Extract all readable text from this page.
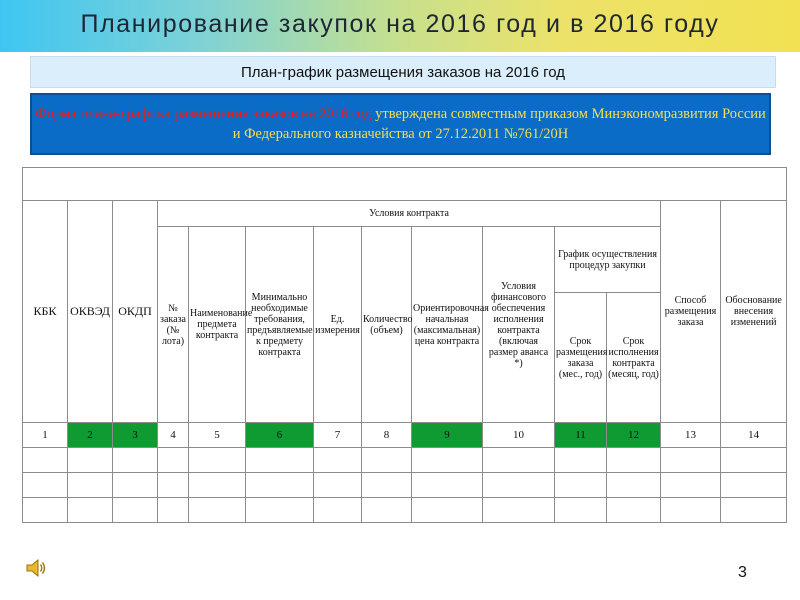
Планирование закупок на 2016 год и в 2016 году
План-график размещения заказов на 2016 год
Форма плана-графика размещения заказов на 2016 год утверждена совместным приказом Минэкономразвития России и Федерального казначейства от 27.12.2011 №761/20Н

КБК	ОКВЭД	ОКДП	Условия контракта									Способ размещения заказа	Обоснование внесения изменений
			№ заказа (№ лота)	Наименование предмета контракта	Минимально необходимые требования, предъявляемые к предмету контракта	Ед. измерения	Количество (объем)	Ориентировочная начальная (максимальная) цена контракта	Условия финансового обеспечения исполнения контракта (включая размер аванса *)	График осуществления процедур закупки			
										Срок размещения заказа (мес., год)	Срок исполнения контракта (месяц, год)		
1	2	3	4	5	6	7	8	9	10	11	12	13	14

3
